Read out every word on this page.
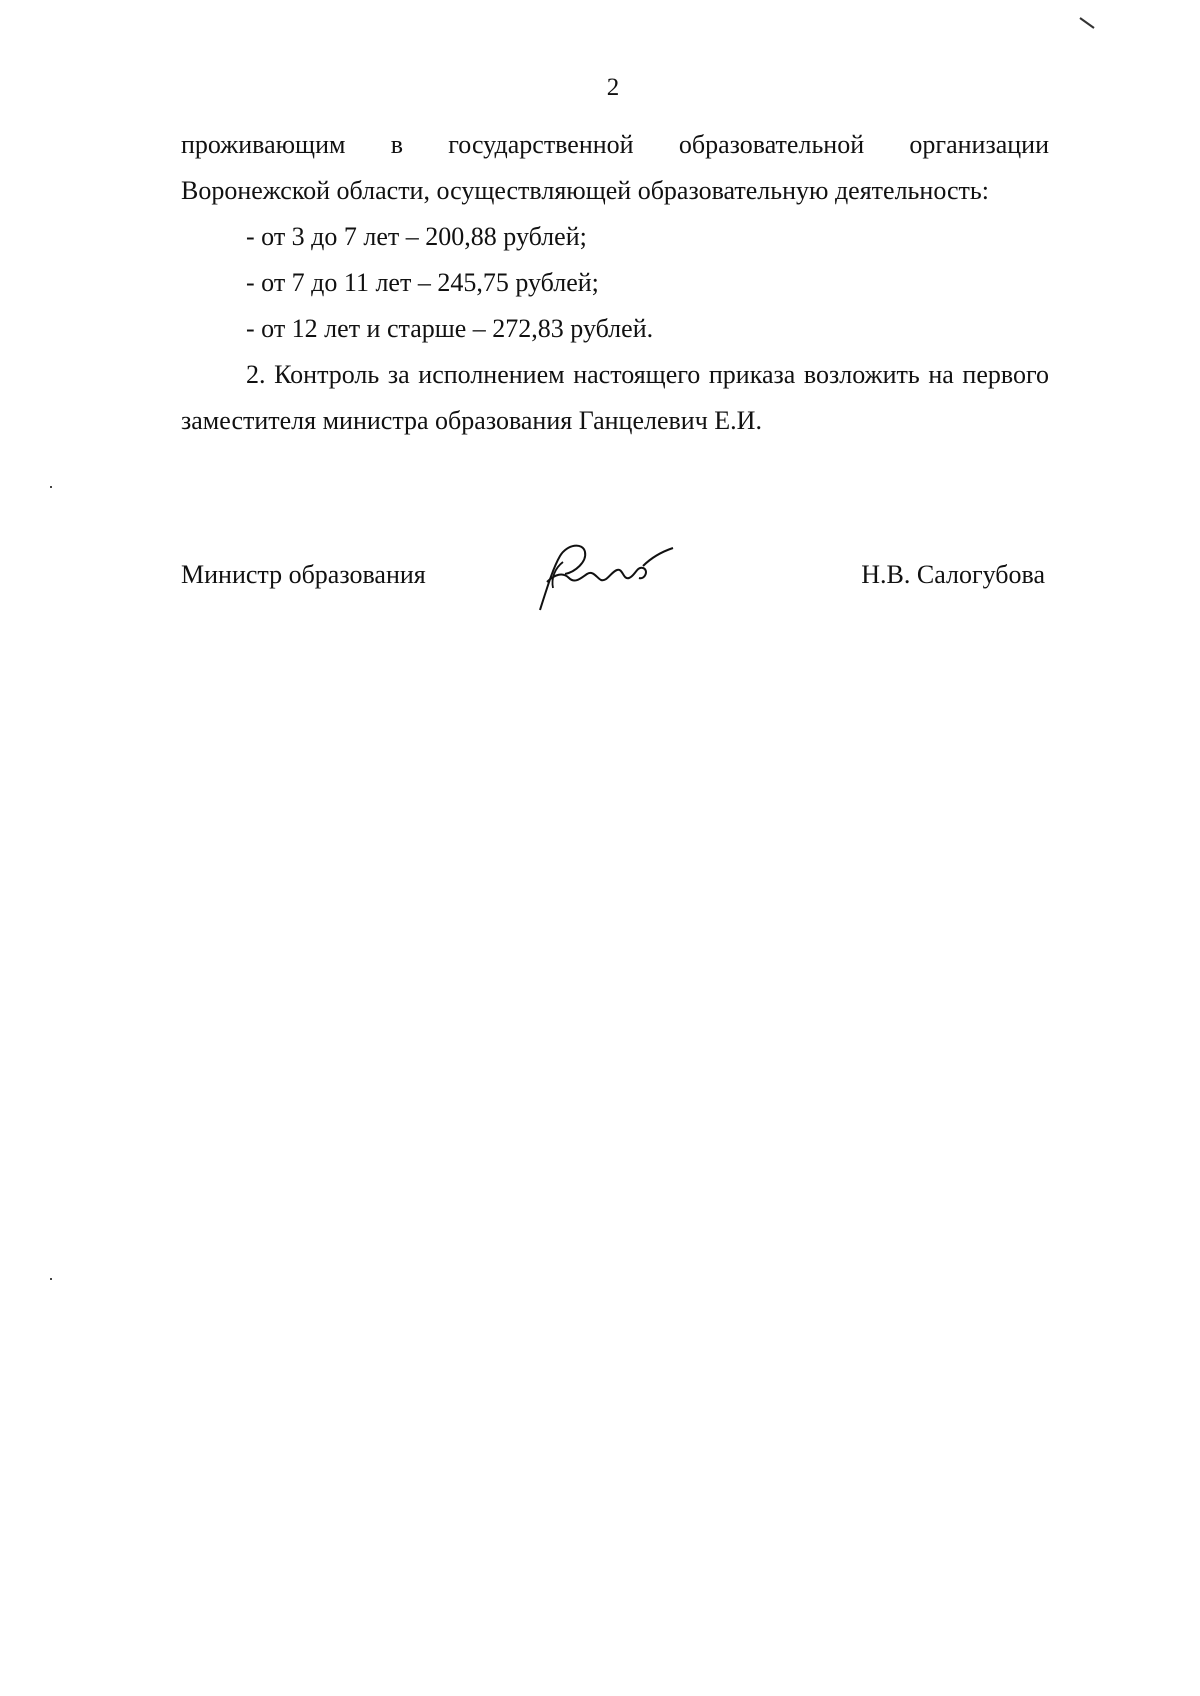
2

проживающим в государственной образовательной организации

Воронежской области, осуществляющей образовательную деятельность:

- от 3 до 7 лет – 200,88 рублей;

- от 7 до 11 лет – 245,75 рублей;

- от 12 лет и старше – 272,83 рублей.

2. Контроль за исполнением настоящего приказа возложить на первого заместителя министра образования Ганцелевич Е.И.

Министр образования	Н.В. Салогубова
